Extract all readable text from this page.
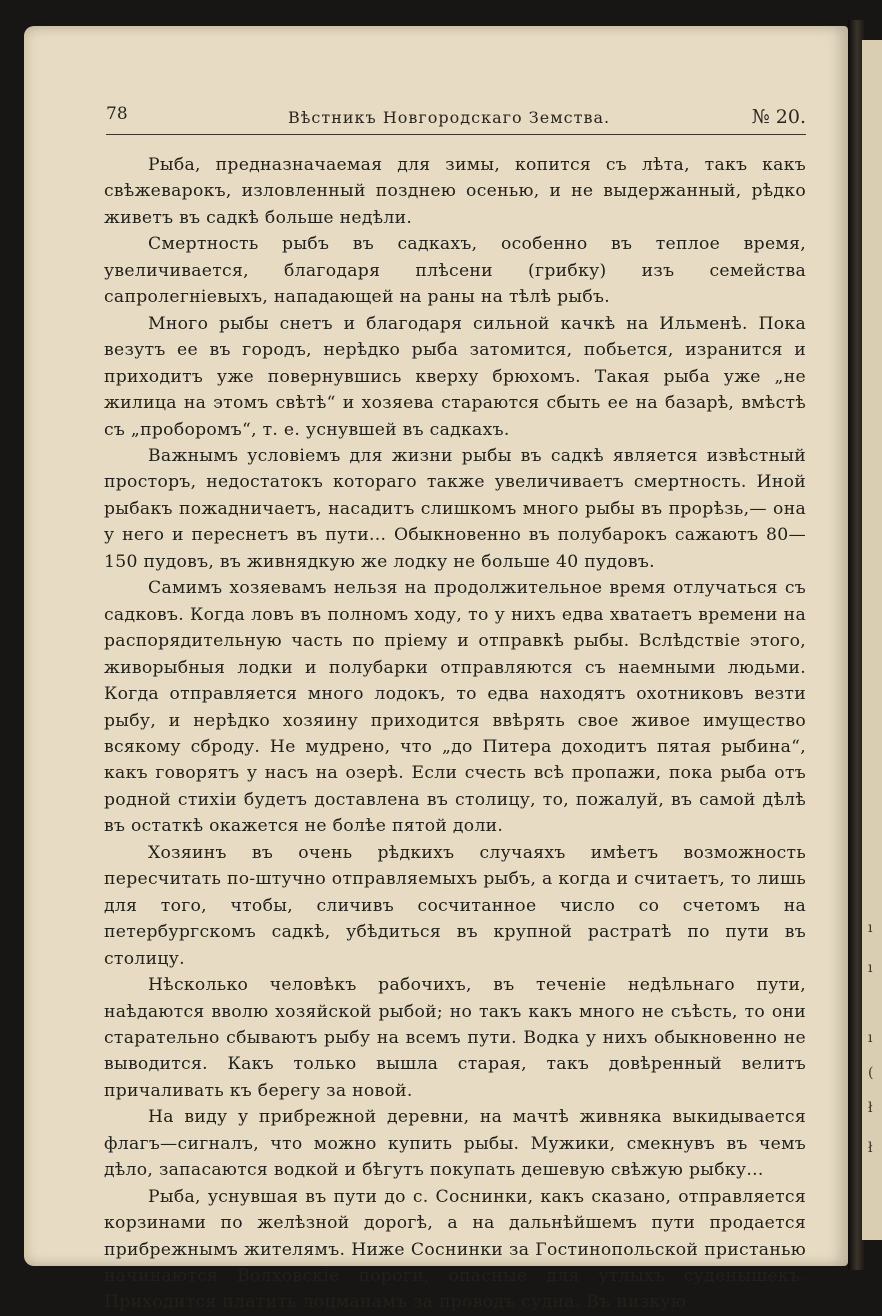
78	Вѣстникъ Новгородскаго Земства.	№ 20.

Рыба, предназначаемая для зимы, копится съ лѣта, такъ какъ свѣжеварокъ, изловленный позднею осенью, и не выдержанный, рѣдко живетъ въ садкѣ больше недѣли.

Смертность рыбъ въ садкахъ, особенно въ теплое время, увеличивается, благодаря плѣсени (грибку) изъ семейства сапролегнiевыхъ, нападающей на раны на тѣлѣ рыбъ.

Много рыбы снетъ и благодаря сильной качкѣ на Ильменѣ. Пока везутъ ее въ городъ, нерѣдко рыба затомится, побьется, изранится и приходитъ уже повернувшись кверху брюхомъ. Такая рыба уже „не жилица на этомъ свѣтѣ“ и хозяева стараются сбыть ее на базарѣ, вмѣстѣ съ „проборомъ“, т. е. уснувшей въ садкахъ.

Важнымъ условiемъ для жизни рыбы въ садкѣ является извѣстный просторъ, недостатокъ котораго также увеличиваетъ смертность. Иной рыбакъ пожадничаетъ, насадитъ слишкомъ много рыбы въ прорѣзь,— она у него и переснетъ въ пути... Обыкновенно въ полубарокъ сажаютъ 80—150 пудовъ, въ живнядкую же лодку не больше 40 пудовъ.

Самимъ хозяевамъ нельзя на продолжительное время отлучаться съ садковъ. Когда ловъ въ полномъ ходу, то у нихъ едва хватаетъ времени на распорядительную часть по прiему и отправкѣ рыбы. Вслѣдствiе этого, живорыбныя лодки и полубарки отправляются съ наемными людьми. Когда отправляется много лодокъ, то едва находятъ охотниковъ везти рыбу, и нерѣдко хозяину приходится ввѣрять свое живое имущество всякому сброду. Не мудрено, что „до Питера доходитъ пятая рыбина“, какъ говорятъ у насъ на озерѣ. Если счесть всѣ пропажи, пока рыба отъ родной стихiи будетъ доставлена въ столицу, то, пожалуй, въ самой дѣлѣ въ остаткѣ окажется не болѣе пятой доли.

Хозяинъ въ очень рѣдкихъ случаяхъ имѣетъ возможность пересчитать по-штучно отправляемыхъ рыбъ, а когда и считаетъ, то лишь для того, чтобы, сличивъ сосчитанное число со счетомъ на петербургскомъ садкѣ, убѣдиться въ крупной растратѣ по пути въ столицу.

Нѣсколько человѣкъ рабочихъ, въ теченiе недѣльнаго пути, наѣдаются вволю хозяйской рыбой; но такъ какъ много не съѣсть, то они старательно сбываютъ рыбу на всемъ пути. Водка у нихъ обыкновенно не выводится. Какъ только вышла старая, такъ довѣренный велитъ причаливать къ берегу за новой.

На виду у прибрежной деревни, на мачтѣ живняка выкидывается флагъ—сигналъ, что можно купить рыбы. Мужики, смекнувъ въ чемъ дѣло, запасаются водкой и бѣгутъ покупать дешевую свѣжую рыбку...

Рыба, уснувшая въ пути до с. Соснинки, какъ сказано, отправляется корзинами по желѣзной дорогѣ, а на дальнѣйшемъ пути продается прибрежнымъ жителямъ. Ниже Соснинки за Гостинопольской пристанью начинаются Волховскiе пороги, опасные для утлыхъ суденышекъ. Приходится платить лоцманамъ за проводъ судна. Въ низкую

ı
ı
ı
(
ł
ł
